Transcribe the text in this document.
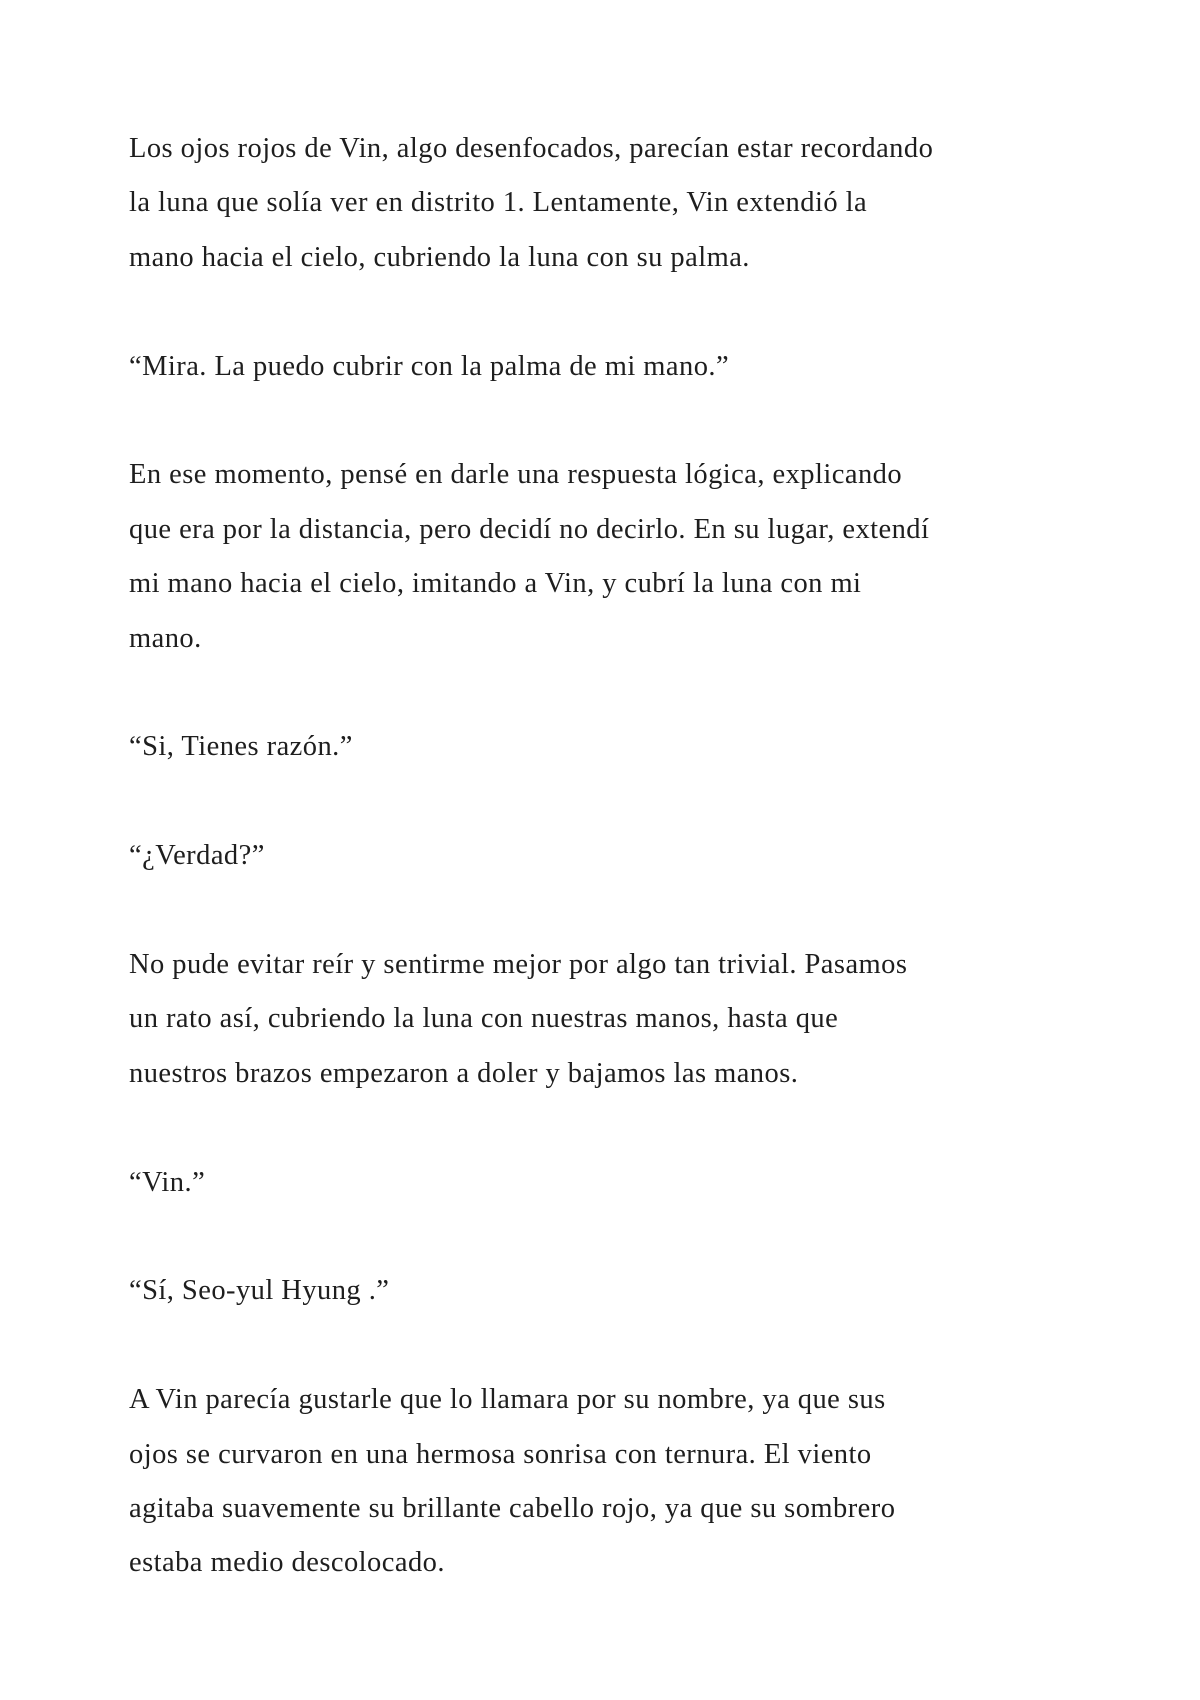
Los ojos rojos de Vin, algo desenfocados, parecían estar recordando
la luna que solía ver en distrito 1. Lentamente, Vin extendió la
mano hacia el cielo, cubriendo la luna con su palma.

“Mira. La puedo cubrir con la palma de mi mano.”

En ese momento, pensé en darle una respuesta lógica, explicando
que era por la distancia, pero decidí no decirlo. En su lugar, extendí
mi mano hacia el cielo, imitando a Vin, y cubrí la luna con mi
mano.

“Si, Tienes razón.”

“¿Verdad?”

No pude evitar reír y sentirme mejor por algo tan trivial. Pasamos
un rato así, cubriendo la luna con nuestras manos, hasta que
nuestros brazos empezaron a doler y bajamos las manos.

“Vin.”

“Sí, Seo-yul Hyung .”

A Vin parecía gustarle que lo llamara por su nombre, ya que sus
ojos se curvaron en una hermosa sonrisa con ternura. El viento
agitaba suavemente su brillante cabello rojo, ya que su sombrero
estaba medio descolocado.
